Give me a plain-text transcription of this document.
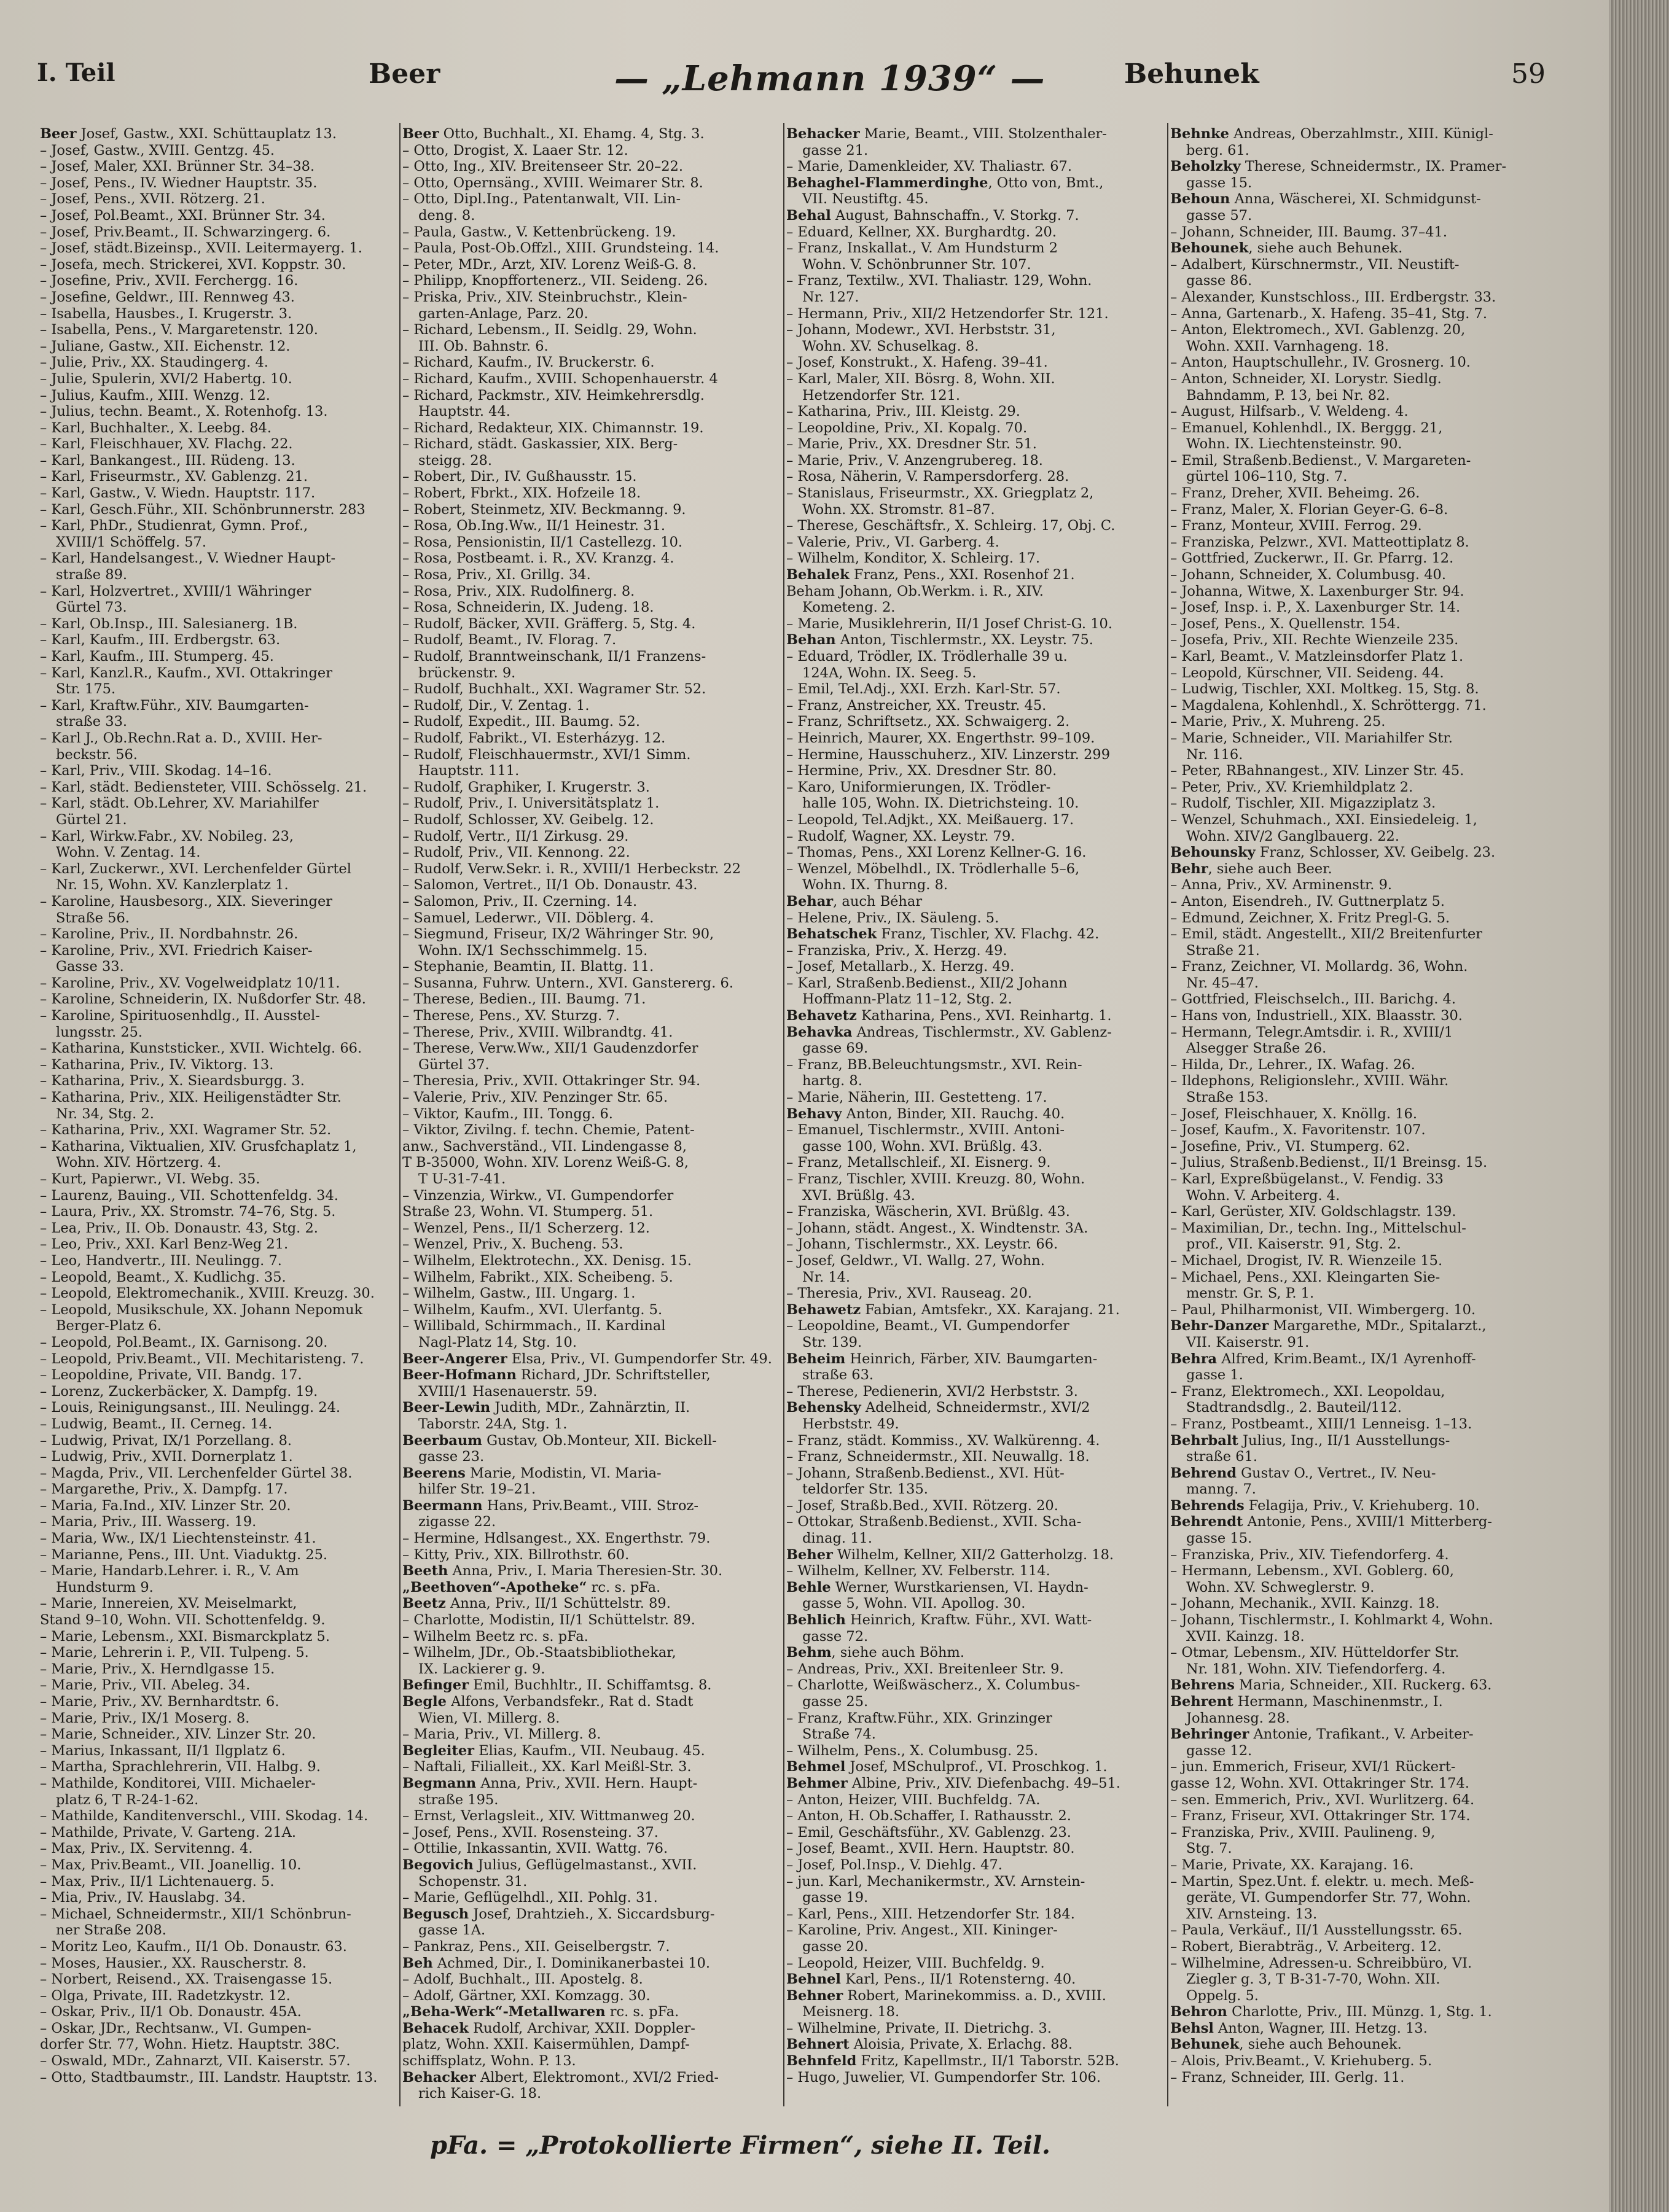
I. Teil	Beer	— „Lehmann 1939“ —	Behunek	59
Beer Josef, Gastw., XXI. Schüttauplatz 13.
– Josef, Gastw., XVIII. Gentzg. 45.
– Josef, Maler, XXI. Brünner Str. 34–38.
– Josef, Pens., IV. Wiedner Hauptstr. 35.
– Josef, Pens., XVII. Rötzerg. 21.
– Josef, Pol.Beamt., XXI. Brünner Str. 34.
– Josef, Priv.Beamt., II. Schwarzingerg. 6.
– Josef, städt.Bizeinsp., XVII. Leitermayerg. 1.
– Josefa, mech. Strickerei, XVI. Koppstr. 30.
– Josefine, Priv., XVII. Ferchergg. 16.
– Josefine, Geldwr., III. Rennweg 43.
– Isabella, Hausbes., I. Krugerstr. 3.
– Isabella, Pens., V. Margaretenstr. 120.
– Juliane, Gastw., XII. Eichenstr. 12.
– Julie, Priv., XX. Staudingerg. 4.
– Julie, Spulerin, XVI/2 Habertg. 10.
– Julius, Kaufm., XIII. Wenzg. 12.
– Julius, techn. Beamt., X. Rotenhofg. 13.
– Karl, Buchhalter., X. Leebg. 84.
– Karl, Fleischhauer, XV. Flachg. 22.
– Karl, Bankangest., III. Rüdeng. 13.
– Karl, Friseurmstr., XV. Gablenzg. 21.
– Karl, Gastw., V. Wiedn. Hauptstr. 117.
– Karl, Gesch.Führ., XII. Schönbrunnerstr. 283
– Karl, PhDr., Studienrat, Gymn. Prof.,
XVIII/1 Schöffelg. 57.
– Karl, Handelsangest., V. Wiedner Haupt-
straße 89.
– Karl, Holzvertret., XVIII/1 Währinger
Gürtel 73.
– Karl, Ob.Insp., III. Salesianerg. 1B.
– Karl, Kaufm., III. Erdbergstr. 63.
– Karl, Kaufm., III. Stumperg. 45.
– Karl, Kanzl.R., Kaufm., XVI. Ottakringer
Str. 175.
– Karl, Kraftw.Führ., XIV. Baumgarten-
straße 33.
– Karl J., Ob.Rechn.Rat a. D., XVIII. Her-
beckstr. 56.
– Karl, Priv., VIII. Skodag. 14–16.
– Karl, städt. Bediensteter, VIII. Schösselg. 21.
– Karl, städt. Ob.Lehrer, XV. Mariahilfer
Gürtel 21.
– Karl, Wirkw.Fabr., XV. Nobileg. 23,
Wohn. V. Zentag. 14.
– Karl, Zuckerwr., XVI. Lerchenfelder Gürtel
Nr. 15, Wohn. XV. Kanzlerplatz 1.
– Karoline, Hausbesorg., XIX. Sieveringer
Straße 56.
– Karoline, Priv., II. Nordbahnstr. 26.
– Karoline, Priv., XVI. Friedrich Kaiser-
Gasse 33.
– Karoline, Priv., XV. Vogelweidplatz 10/11.
– Karoline, Schneiderin, IX. Nußdorfer Str. 48.
– Karoline, Spirituosenhdlg., II. Ausstel-
lungsstr. 25.
– Katharina, Kunststicker., XVII. Wichtelg. 66.
– Katharina, Priv., IV. Viktorg. 13.
– Katharina, Priv., X. Sieardsburgg. 3.
– Katharina, Priv., XIX. Heiligenstädter Str.
Nr. 34, Stg. 2.
– Katharina, Priv., XXI. Wagramer Str. 52.
– Katharina, Viktualien, XIV. Grusfchaplatz 1,
Wohn. XIV. Hörtzerg. 4.
– Kurt, Papierwr., VI. Webg. 35.
– Laurenz, Bauing., VII. Schottenfeldg. 34.
– Laura, Priv., XX. Stromstr. 74–76, Stg. 5.
– Lea, Priv., II. Ob. Donaustr. 43, Stg. 2.
– Leo, Priv., XXI. Karl Benz-Weg 21.
– Leo, Handvertr., III. Neulingg. 7.
– Leopold, Beamt., X. Kudlichg. 35.
– Leopold, Elektromechanik., XVIII. Kreuzg. 30.
– Leopold, Musikschule, XX. Johann Nepomuk
Berger-Platz 6.
– Leopold, Pol.Beamt., IX. Garnisong. 20.
– Leopold, Priv.Beamt., VII. Mechitaristeng. 7.
– Leopoldine, Private, VII. Bandg. 17.
– Lorenz, Zuckerbäcker, X. Dampfg. 19.
– Louis, Reinigungsanst., III. Neulingg. 24.
– Ludwig, Beamt., II. Cerneg. 14.
– Ludwig, Privat, IX/1 Porzellang. 8.
– Ludwig, Priv., XVII. Dornerplatz 1.
– Magda, Priv., VII. Lerchenfelder Gürtel 38.
– Margarethe, Priv., X. Dampfg. 17.
– Maria, Fa.Ind., XIV. Linzer Str. 20.
– Maria, Priv., III. Wasserg. 19.
– Maria, Ww., IX/1 Liechtensteinstr. 41.
– Marianne, Pens., III. Unt. Viaduktg. 25.
– Marie, Handarb.Lehrer. i. R., V. Am
Hundsturm 9.
– Marie, Innereien, XV. Meiselmarkt,
Stand 9–10, Wohn. VII. Schottenfeldg. 9.
– Marie, Lebensm., XXI. Bismarckplatz 5.
– Marie, Lehrerin i. P., VII. Tulpeng. 5.
– Marie, Priv., X. Herndlgasse 15.
– Marie, Priv., VII. Abeleg. 34.
– Marie, Priv., XV. Bernhardtstr. 6.
– Marie, Priv., IX/1 Moserg. 8.
– Marie, Schneider., XIV. Linzer Str. 20.
– Marius, Inkassant, II/1 Ilgplatz 6.
– Martha, Sprachlehrerin, VII. Halbg. 9.
– Mathilde, Konditorei, VIII. Michaeler-
platz 6, T R-24-1-62.
– Mathilde, Kanditenverschl., VIII. Skodag. 14.
– Mathilde, Private, V. Garteng. 21A.
– Max, Priv., IX. Servitenng. 4.
– Max, Priv.Beamt., VII. Joanellig. 10.
– Max, Priv., II/1 Lichtenauerg. 5.
– Mia, Priv., IV. Hauslabg. 34.
– Michael, Schneidermstr., XII/1 Schönbrun-
ner Straße 208.
– Moritz Leo, Kaufm., II/1 Ob. Donaustr. 63.
– Moses, Hausier., XX. Rauscherstr. 8.
– Norbert, Reisend., XX. Traisengasse 15.
– Olga, Private, III. Radetzkystr. 12.
– Oskar, Priv., II/1 Ob. Donaustr. 45A.
– Oskar, JDr., Rechtsanw., VI. Gumpen-
dorfer Str. 77, Wohn. Hietz. Hauptstr. 38C.
– Oswald, MDr., Zahnarzt, VII. Kaiserstr. 57.
– Otto, Stadtbaumstr., III. Landstr. Hauptstr. 13.
Beer Otto, Buchhalt., XI. Ehamg. 4, Stg. 3.
– Otto, Drogist, X. Laaer Str. 12.
– Otto, Ing., XIV. Breitenseer Str. 20–22.
– Otto, Opernsäng., XVIII. Weimarer Str. 8.
– Otto, Dipl.Ing., Patentanwalt, VII. Lin-
deng. 8.
– Paula, Gastw., V. Kettenbrückeng. 19.
– Paula, Post-Ob.Offzl., XIII. Grundsteing. 14.
– Peter, MDr., Arzt, XIV. Lorenz Weiß-G. 8.
– Philipp, Knopffortenerz., VII. Seideng. 26.
– Priska, Priv., XIV. Steinbruchstr., Klein-
garten-Anlage, Parz. 20.
– Richard, Lebensm., II. Seidlg. 29, Wohn.
III. Ob. Bahnstr. 6.
– Richard, Kaufm., IV. Bruckerstr. 6.
– Richard, Kaufm., XVIII. Schopenhauerstr. 4
– Richard, Packmstr., XIV. Heimkehrersdlg.
Hauptstr. 44.
– Richard, Redakteur, XIX. Chimannstr. 19.
– Richard, städt. Gaskassier, XIX. Berg-
steigg. 28.
– Robert, Dir., IV. Gußhausstr. 15.
– Robert, Fbrkt., XIX. Hofzeile 18.
– Robert, Steinmetz, XIV. Beckmanng. 9.
– Rosa, Ob.Ing.Ww., II/1 Heinestr. 31.
– Rosa, Pensionistin, II/1 Castellezg. 10.
– Rosa, Postbeamt. i. R., XV. Kranzg. 4.
– Rosa, Priv., XI. Grillg. 34.
– Rosa, Priv., XIX. Rudolfinerg. 8.
– Rosa, Schneiderin, IX. Judeng. 18.
– Rudolf, Bäcker, XVII. Gräfferg. 5, Stg. 4.
– Rudolf, Beamt., IV. Florag. 7.
– Rudolf, Branntweinschank, II/1 Franzens-
brückenstr. 9.
– Rudolf, Buchhalt., XXI. Wagramer Str. 52.
– Rudolf, Dir., V. Zentag. 1.
– Rudolf, Expedit., III. Baumg. 52.
– Rudolf, Fabrikt., VI. Esterházyg. 12.
– Rudolf, Fleischhauermstr., XVI/1 Simm.
Hauptstr. 111.
– Rudolf, Graphiker, I. Krugerstr. 3.
– Rudolf, Priv., I. Universitätsplatz 1.
– Rudolf, Schlosser, XV. Geibelg. 12.
– Rudolf, Vertr., II/1 Zirkusg. 29.
– Rudolf, Priv., VII. Kennong. 22.
– Rudolf, Verw.Sekr. i. R., XVIII/1 Herbeckstr. 22
– Salomon, Vertret., II/1 Ob. Donaustr. 43.
– Salomon, Priv., II. Czerning. 14.
– Samuel, Lederwr., VII. Döblerg. 4.
– Siegmund, Friseur, IX/2 Währinger Str. 90,
Wohn. IX/1 Sechsschimmelg. 15.
– Stephanie, Beamtin, II. Blattg. 11.
– Susanna, Fuhrw. Untern., XVI. Ganstererg. 6.
– Therese, Bedien., III. Baumg. 71.
– Therese, Pens., XV. Sturzg. 7.
– Therese, Priv., XVIII. Wilbrandtg. 41.
– Therese, Verw.Ww., XII/1 Gaudenzdorfer
Gürtel 37.
– Theresia, Priv., XVII. Ottakringer Str. 94.
– Valerie, Priv., XIV. Penzinger Str. 65.
– Viktor, Kaufm., III. Tongg. 6.
– Viktor, Zivilng. f. techn. Chemie, Patent-
anw., Sachverständ., VII. Lindengasse 8,
T B-35000, Wohn. XIV. Lorenz Weiß-G. 8,
T U-31-7-41.
– Vinzenzia, Wirkw., VI. Gumpendorfer
Straße 23, Wohn. VI. Stumperg. 51.
– Wenzel, Pens., II/1 Scherzerg. 12.
– Wenzel, Priv., X. Bucheng. 53.
– Wilhelm, Elektrotechn., XX. Denisg. 15.
– Wilhelm, Fabrikt., XIX. Scheibeng. 5.
– Wilhelm, Gastw., III. Ungarg. 1.
– Wilhelm, Kaufm., XVI. Ulerfantg. 5.
– Willibald, Schirmmach., II. Kardinal
Nagl-Platz 14, Stg. 10.
Beer-Angerer Elsa, Priv., VI. Gumpendorfer Str. 49.
Beer-Hofmann Richard, JDr. Schriftsteller,
XVIII/1 Hasenauerstr. 59.
Beer-Lewin Judith, MDr., Zahnärztin, II.
Taborstr. 24A, Stg. 1.
Beerbaum Gustav, Ob.Monteur, XII. Bickell-
gasse 23.
Beerens Marie, Modistin, VI. Maria-
hilfer Str. 19–21.
Beermann Hans, Priv.Beamt., VIII. Stroz-
zigasse 22.
– Hermine, Hdlsangest., XX. Engerthstr. 79.
– Kitty, Priv., XIX. Billrothstr. 60.
Beeth Anna, Priv., I. Maria Theresien-Str. 30.
„Beethoven“-Apotheke“ rc. s. pFa.
Beetz Anna, Priv., II/1 Schüttelstr. 89.
– Charlotte, Modistin, II/1 Schüttelstr. 89.
– Wilhelm Beetz rc. s. pFa.
– Wilhelm, JDr., Ob.-Staatsbibliothekar,
IX. Lackierer g. 9.
Befinger Emil, Buchhltr., II. Schiffamtsg. 8.
Begle Alfons, Verbandsfekr., Rat d. Stadt
Wien, VI. Millerg. 8.
– Maria, Priv., VI. Millerg. 8.
Begleiter Elias, Kaufm., VII. Neubaug. 45.
– Naftali, Filialleit., XX. Karl Meißl-Str. 3.
Begmann Anna, Priv., XVII. Hern. Haupt-
straße 195.
– Ernst, Verlagsleit., XIV. Wittmanweg 20.
– Josef, Pens., XVII. Rosensteing. 37.
– Ottilie, Inkassantin, XVII. Wattg. 76.
Begovich Julius, Geflügelmastanst., XVII.
Schopenstr. 31.
– Marie, Geflügelhdl., XII. Pohlg. 31.
Begusch Josef, Drahtzieh., X. Siccardsburg-
gasse 1A.
– Pankraz, Pens., XII. Geiselbergstr. 7.
Beh Achmed, Dir., I. Dominikanerbastei 10.
– Adolf, Buchhalt., III. Apostelg. 8.
– Adolf, Gärtner, XXI. Komzagg. 30.
„Beha-Werk“-Metallwaren rc. s. pFa.
Behacek Rudolf, Archivar, XXII. Doppler-
platz, Wohn. XXII. Kaisermühlen, Dampf-
schiffsplatz, Wohn. P. 13.
Behacker Albert, Elektromont., XVI/2 Fried-
rich Kaiser-G. 18.
Behacker Marie, Beamt., VIII. Stolzenthaler-
gasse 21.
– Marie, Damenkleider, XV. Thaliastr. 67.
Behaghel-Flammerdinghe, Otto von, Bmt.,
VII. Neustiftg. 45.
Behal August, Bahnschaffn., V. Storkg. 7.
– Eduard, Kellner, XX. Burghardtg. 20.
– Franz, Inskallat., V. Am Hundsturm 2
Wohn. V. Schönbrunner Str. 107.
– Franz, Textilw., XVI. Thaliastr. 129, Wohn.
Nr. 127.
– Hermann, Priv., XII/2 Hetzendorfer Str. 121.
– Johann, Modewr., XVI. Herbststr. 31,
Wohn. XV. Schuselkag. 8.
– Josef, Konstrukt., X. Hafeng. 39–41.
– Karl, Maler, XII. Bösrg. 8, Wohn. XII.
Hetzendorfer Str. 121.
– Katharina, Priv., III. Kleistg. 29.
– Leopoldine, Priv., XI. Kopalg. 70.
– Marie, Priv., XX. Dresdner Str. 51.
– Marie, Priv., V. Anzengrubereg. 18.
– Rosa, Näherin, V. Rampersdorferg. 28.
– Stanislaus, Friseurmstr., XX. Griegplatz 2,
Wohn. XX. Stromstr. 81–87.
– Therese, Geschäftsfr., X. Schleirg. 17, Obj. C.
– Valerie, Priv., VI. Garberg. 4.
– Wilhelm, Konditor, X. Schleirg. 17.
Behalek Franz, Pens., XXI. Rosenhof 21.
Beham Johann, Ob.Werkm. i. R., XIV.
Kometeng. 2.
– Marie, Musiklehrerin, II/1 Josef Christ-G. 10.
Behan Anton, Tischlermstr., XX. Leystr. 75.
– Eduard, Trödler, IX. Trödlerhalle 39 u.
124A, Wohn. IX. Seeg. 5.
– Emil, Tel.Adj., XXI. Erzh. Karl-Str. 57.
– Franz, Anstreicher, XX. Treustr. 45.
– Franz, Schriftsetz., XX. Schwaigerg. 2.
– Heinrich, Maurer, XX. Engerthstr. 99–109.
– Hermine, Hausschuherz., XIV. Linzerstr. 299
– Hermine, Priv., XX. Dresdner Str. 80.
– Karo, Uniformierungen, IX. Trödler-
halle 105, Wohn. IX. Dietrichsteing. 10.
– Leopold, Tel.Adjkt., XX. Meißauerg. 17.
– Rudolf, Wagner, XX. Leystr. 79.
– Thomas, Pens., XXI Lorenz Kellner-G. 16.
– Wenzel, Möbelhdl., IX. Trödlerhalle 5–6,
Wohn. IX. Thurng. 8.
Behar, auch Béhar
– Helene, Priv., IX. Säuleng. 5.
Behatschek Franz, Tischler, XV. Flachg. 42.
– Franziska, Priv., X. Herzg. 49.
– Josef, Metallarb., X. Herzg. 49.
– Karl, Straßenb.Bedienst., XII/2 Johann
Hoffmann-Platz 11–12, Stg. 2.
Behavetz Katharina, Pens., XVI. Reinhartg. 1.
Behavka Andreas, Tischlermstr., XV. Gablenz-
gasse 69.
– Franz, BB.Beleuchtungsmstr., XVI. Rein-
hartg. 8.
– Marie, Näherin, III. Gestetteng. 17.
Behavy Anton, Binder, XII. Rauchg. 40.
– Emanuel, Tischlermstr., XVIII. Antoni-
gasse 100, Wohn. XVI. Brüßlg. 43.
– Franz, Metallschleif., XI. Eisnerg. 9.
– Franz, Tischler, XVIII. Kreuzg. 80, Wohn.
XVI. Brüßlg. 43.
– Franziska, Wäscherin, XVI. Brüßlg. 43.
– Johann, städt. Angest., X. Windtenstr. 3A.
– Johann, Tischlermstr., XX. Leystr. 66.
– Josef, Geldwr., VI. Wallg. 27, Wohn.
Nr. 14.
– Theresia, Priv., XVI. Rauseag. 20.
Behawetz Fabian, Amtsfekr., XX. Karajang. 21.
– Leopoldine, Beamt., VI. Gumpendorfer
Str. 139.
Beheim Heinrich, Färber, XIV. Baumgarten-
straße 63.
– Therese, Pedienerin, XVI/2 Herbststr. 3.
Behensky Adelheid, Schneidermstr., XVI/2
Herbststr. 49.
– Franz, städt. Kommiss., XV. Walkürenng. 4.
– Franz, Schneidermstr., XII. Neuwallg. 18.
– Johann, Straßenb.Bedienst., XVI. Hüt-
teldorfer Str. 135.
– Josef, Straßb.Bed., XVII. Rötzerg. 20.
– Ottokar, Straßenb.Bedienst., XVII. Scha-
dinag. 11.
Beher Wilhelm, Kellner, XII/2 Gatterholzg. 18.
– Wilhelm, Kellner, XV. Felberstr. 114.
Behle Werner, Wurstkariensen, VI. Haydn-
gasse 5, Wohn. VII. Apollog. 30.
Behlich Heinrich, Kraftw. Führ., XVI. Watt-
gasse 72.
Behm, siehe auch Böhm.
– Andreas, Priv., XXI. Breitenleer Str. 9.
– Charlotte, Weißwäscherz., X. Columbus-
gasse 25.
– Franz, Kraftw.Führ., XIX. Grinzinger
Straße 74.
– Wilhelm, Pens., X. Columbusg. 25.
Behmel Josef, MSchulprof., VI. Proschkog. 1.
Behmer Albine, Priv., XIV. Diefenbachg. 49–51.
– Anton, Heizer, VIII. Buchfeldg. 7A.
– Anton, H. Ob.Schaffer, I. Rathausstr. 2.
– Emil, Geschäftsführ., XV. Gablenzg. 23.
– Josef, Beamt., XVII. Hern. Hauptstr. 80.
– Josef, Pol.Insp., V. Diehlg. 47.
– jun. Karl, Mechanikermstr., XV. Arnstein-
gasse 19.
– Karl, Pens., XIII. Hetzendorfer Str. 184.
– Karoline, Priv. Angest., XII. Kininger-
gasse 20.
– Leopold, Heizer, VIII. Buchfeldg. 9.
Behnel Karl, Pens., II/1 Rotensterng. 40.
Behner Robert, Marinekommiss. a. D., XVIII.
Meisnerg. 18.
– Wilhelmine, Private, II. Dietrichg. 3.
Behnert Aloisia, Private, X. Erlachg. 88.
Behnfeld Fritz, Kapellmstr., II/1 Taborstr. 52B.
– Hugo, Juwelier, VI. Gumpendorfer Str. 106.
Behnke Andreas, Oberzahlmstr., XIII. Künigl-
berg. 61.
Beholzky Therese, Schneidermstr., IX. Pramer-
gasse 15.
Behoun Anna, Wäscherei, XI. Schmidgunst-
gasse 57.
– Johann, Schneider, III. Baumg. 37–41.
Behounek, siehe auch Behunek.
– Adalbert, Kürschnermstr., VII. Neustift-
gasse 86.
– Alexander, Kunstschloss., III. Erdbergstr. 33.
– Anna, Gartenarb., X. Hafeng. 35–41, Stg. 7.
– Anton, Elektromech., XVI. Gablenzg. 20,
Wohn. XXII. Varnhageng. 18.
– Anton, Hauptschullehr., IV. Grosnerg. 10.
– Anton, Schneider, XI. Lorystr. Siedlg.
Bahndamm, P. 13, bei Nr. 82.
– August, Hilfsarb., V. Weldeng. 4.
– Emanuel, Kohlenhdl., IX. Berggg. 21,
Wohn. IX. Liechtensteinstr. 90.
– Emil, Straßenb.Bedienst., V. Margareten-
gürtel 106–110, Stg. 7.
– Franz, Dreher, XVII. Beheimg. 26.
– Franz, Maler, X. Florian Geyer-G. 6–8.
– Franz, Monteur, XVIII. Ferrog. 29.
– Franziska, Pelzwr., XVI. Matteottiplatz 8.
– Gottfried, Zuckerwr., II. Gr. Pfarrg. 12.
– Johann, Schneider, X. Columbusg. 40.
– Johanna, Witwe, X. Laxenburger Str. 94.
– Josef, Insp. i. P., X. Laxenburger Str. 14.
– Josef, Pens., X. Quellenstr. 154.
– Josefa, Priv., XII. Rechte Wienzeile 235.
– Karl, Beamt., V. Matzleinsdorfer Platz 1.
– Leopold, Kürschner, VII. Seideng. 44.
– Ludwig, Tischler, XXI. Moltkeg. 15, Stg. 8.
– Magdalena, Kohlenhdl., X. Schröttergg. 71.
– Marie, Priv., X. Muhreng. 25.
– Marie, Schneider., VII. Mariahilfer Str.
Nr. 116.
– Peter, RBahnangest., XIV. Linzer Str. 45.
– Peter, Priv., XV. Kriemhildplatz 2.
– Rudolf, Tischler, XII. Migazziplatz 3.
– Wenzel, Schuhmach., XXI. Einsiedeleig. 1,
Wohn. XIV/2 Ganglbauerg. 22.
Behounsky Franz, Schlosser, XV. Geibelg. 23.
Behr, siehe auch Beer.
– Anna, Priv., XV. Arminenstr. 9.
– Anton, Eisendreh., IV. Guttnerplatz 5.
– Edmund, Zeichner, X. Fritz Pregl-G. 5.
– Emil, städt. Angestellt., XII/2 Breitenfurter
Straße 21.
– Franz, Zeichner, VI. Mollardg. 36, Wohn.
Nr. 45–47.
– Gottfried, Fleischselch., III. Barichg. 4.
– Hans von, Industriell., XIX. Blaasstr. 30.
– Hermann, Telegr.Amtsdir. i. R., XVIII/1
Alsegger Straße 26.
– Hilda, Dr., Lehrer., IX. Wafag. 26.
– Ildephons, Religionslehr., XVIII. Währ.
Straße 153.
– Josef, Fleischhauer, X. Knöllg. 16.
– Josef, Kaufm., X. Favoritenstr. 107.
– Josefine, Priv., VI. Stumperg. 62.
– Julius, Straßenb.Bedienst., II/1 Breinsg. 15.
– Karl, Expreßbügelanst., V. Fendig. 33
Wohn. V. Arbeiterg. 4.
– Karl, Gerüster, XIV. Goldschlagstr. 139.
– Maximilian, Dr., techn. Ing., Mittelschul-
prof., VII. Kaiserstr. 91, Stg. 2.
– Michael, Drogist, IV. R. Wienzeile 15.
– Michael, Pens., XXI. Kleingarten Sie-
menstr. Gr. S, P. 1.
– Paul, Philharmonist, VII. Wimbergerg. 10.
Behr-Danzer Margarethe, MDr., Spitalarzt.,
VII. Kaiserstr. 91.
Behra Alfred, Krim.Beamt., IX/1 Ayrenhoff-
gasse 1.
– Franz, Elektromech., XXI. Leopoldau,
Stadtrandsdlg., 2. Bauteil/112.
– Franz, Postbeamt., XIII/1 Lenneisg. 1–13.
Behrbalt Julius, Ing., II/1 Ausstellungs-
straße 61.
Behrend Gustav O., Vertret., IV. Neu-
manng. 7.
Behrends Felagija, Priv., V. Kriehuberg. 10.
Behrendt Antonie, Pens., XVIII/1 Mitterberg-
gasse 15.
– Franziska, Priv., XIV. Tiefendorferg. 4.
– Hermann, Lebensm., XVI. Goblerg. 60,
Wohn. XV. Schweglerstr. 9.
– Johann, Mechanik., XVII. Kainzg. 18.
– Johann, Tischlermstr., I. Kohlmarkt 4, Wohn.
XVII. Kainzg. 18.
– Otmar, Lebensm., XIV. Hütteldorfer Str.
Nr. 181, Wohn. XIV. Tiefendorferg. 4.
Behrens Maria, Schneider., XII. Ruckerg. 63.
Behrent Hermann, Maschinenmstr., I.
Johannesg. 28.
Behringer Antonie, Trafikant., V. Arbeiter-
gasse 12.
– jun. Emmerich, Friseur, XVI/1 Rückert-
gasse 12, Wohn. XVI. Ottakringer Str. 174.
– sen. Emmerich, Priv., XVI. Wurlitzerg. 64.
– Franz, Friseur, XVI. Ottakringer Str. 174.
– Franziska, Priv., XVIII. Paulineng. 9,
Stg. 7.
– Marie, Private, XX. Karajang. 16.
– Martin, Spez.Unt. f. elektr. u. mech. Meß-
geräte, VI. Gumpendorfer Str. 77, Wohn.
XIV. Arnsteing. 13.
– Paula, Verkäuf., II/1 Ausstellungsstr. 65.
– Robert, Bierabträg., V. Arbeiterg. 12.
– Wilhelmine, Adressen-u. Schreibbüro, VI.
Ziegler g. 3, T B-31-7-70, Wohn. XII.
Oppelg. 5.
Behron Charlotte, Priv., III. Münzg. 1, Stg. 1.
Behsl Anton, Wagner, III. Hetzg. 13.
Behunek, siehe auch Behounek.
– Alois, Priv.Beamt., V. Kriehuberg. 5.
– Franz, Schneider, III. Gerlg. 11.
pFa. = „Protokollierte Firmen“, siehe II. Teil.
